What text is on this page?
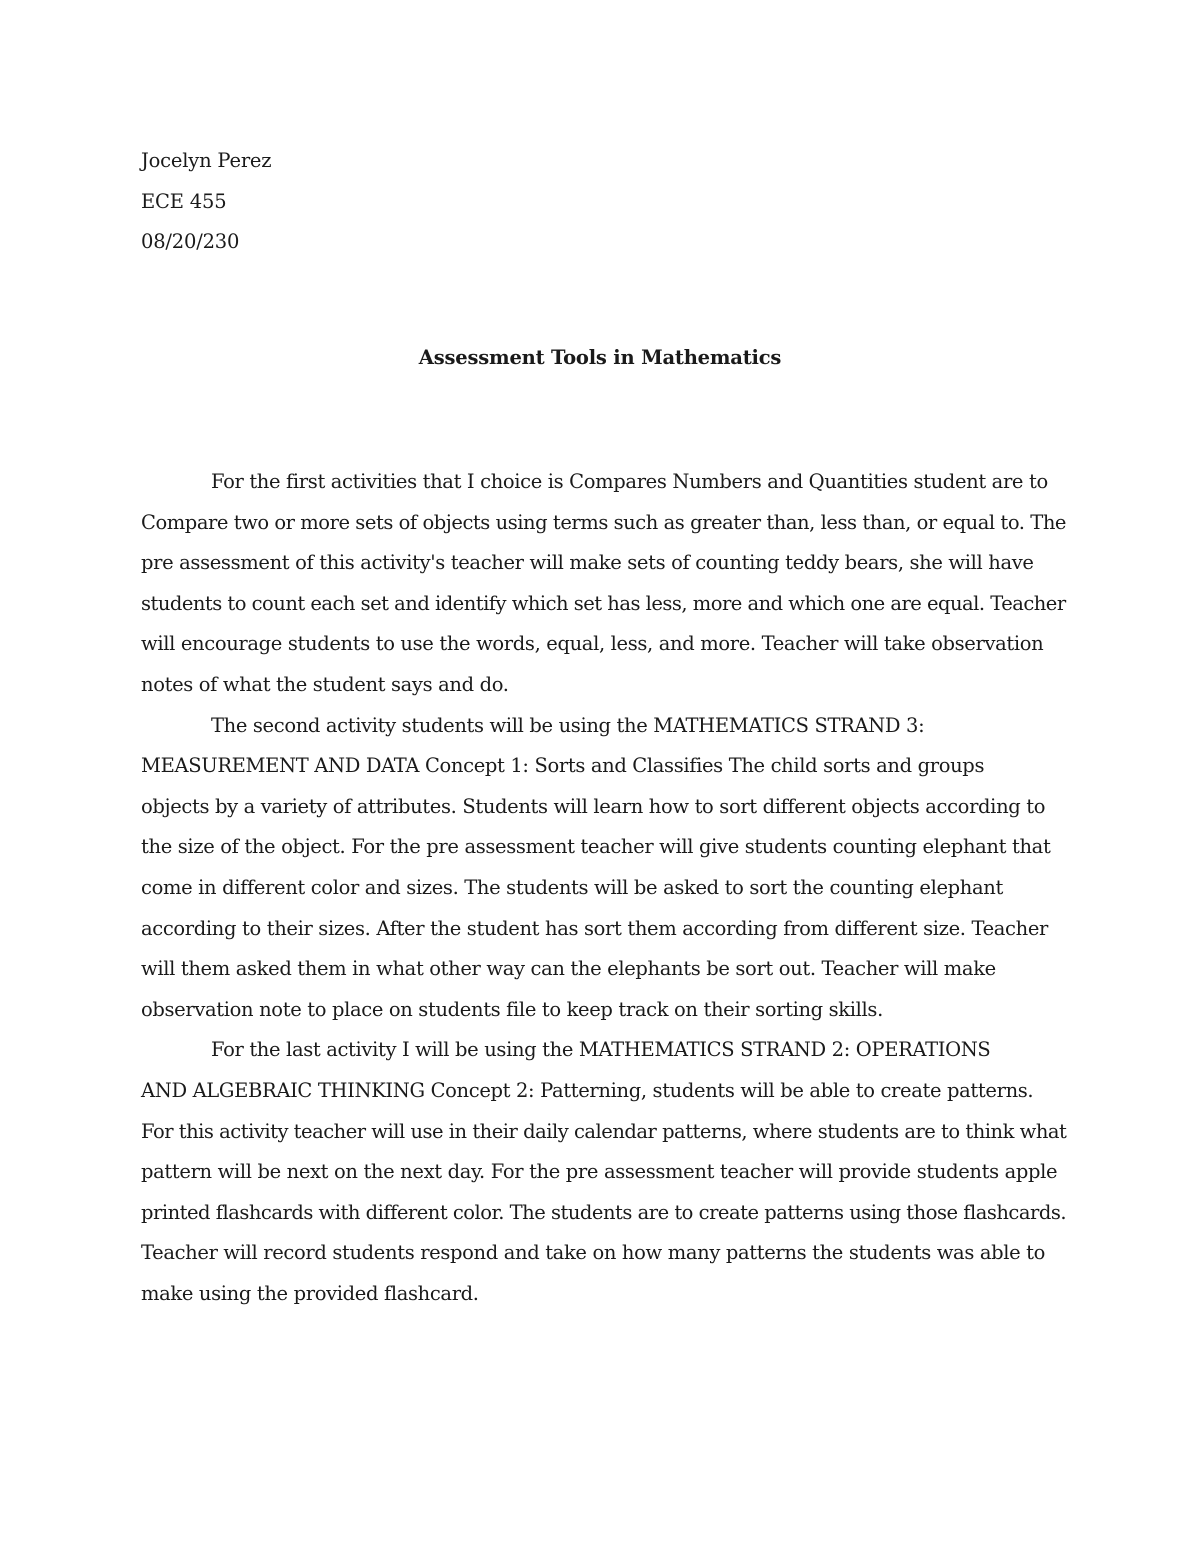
Jocelyn Perez
ECE 455
08/20/230
Assessment Tools in Mathematics

For the first activities that I choice is Compares Numbers and Quantities student are to
Compare two or more sets of objects using terms such as greater than, less than, or equal to. The
pre assessment of this activity's teacher will make sets of counting teddy bears, she will have
students to count each set and identify which set has less, more and which one are equal. Teacher
will encourage students to use the words, equal, less, and more. Teacher will take observation
notes of what the student says and do.

The second activity students will be using the MATHEMATICS STRAND 3:
MEASUREMENT AND DATA Concept 1: Sorts and Classifies The child sorts and groups
objects by a variety of attributes. Students will learn how to sort different objects according to
the size of the object. For the pre assessment teacher will give students counting elephant that
come in different color and sizes. The students will be asked to sort the counting elephant
according to their sizes. After the student has sort them according from different size. Teacher
will them asked them in what other way can the elephants be sort out. Teacher will make
observation note to place on students file to keep track on their sorting skills.

For the last activity I will be using the MATHEMATICS STRAND 2: OPERATIONS
AND ALGEBRAIC THINKING Concept 2: Patterning, students will be able to create patterns.
For this activity teacher will use in their daily calendar patterns, where students are to think what
pattern will be next on the next day. For the pre assessment teacher will provide students apple
printed flashcards with different color. The students are to create patterns using those flashcards.
Teacher will record students respond and take on how many patterns the students was able to
make using the provided flashcard.
